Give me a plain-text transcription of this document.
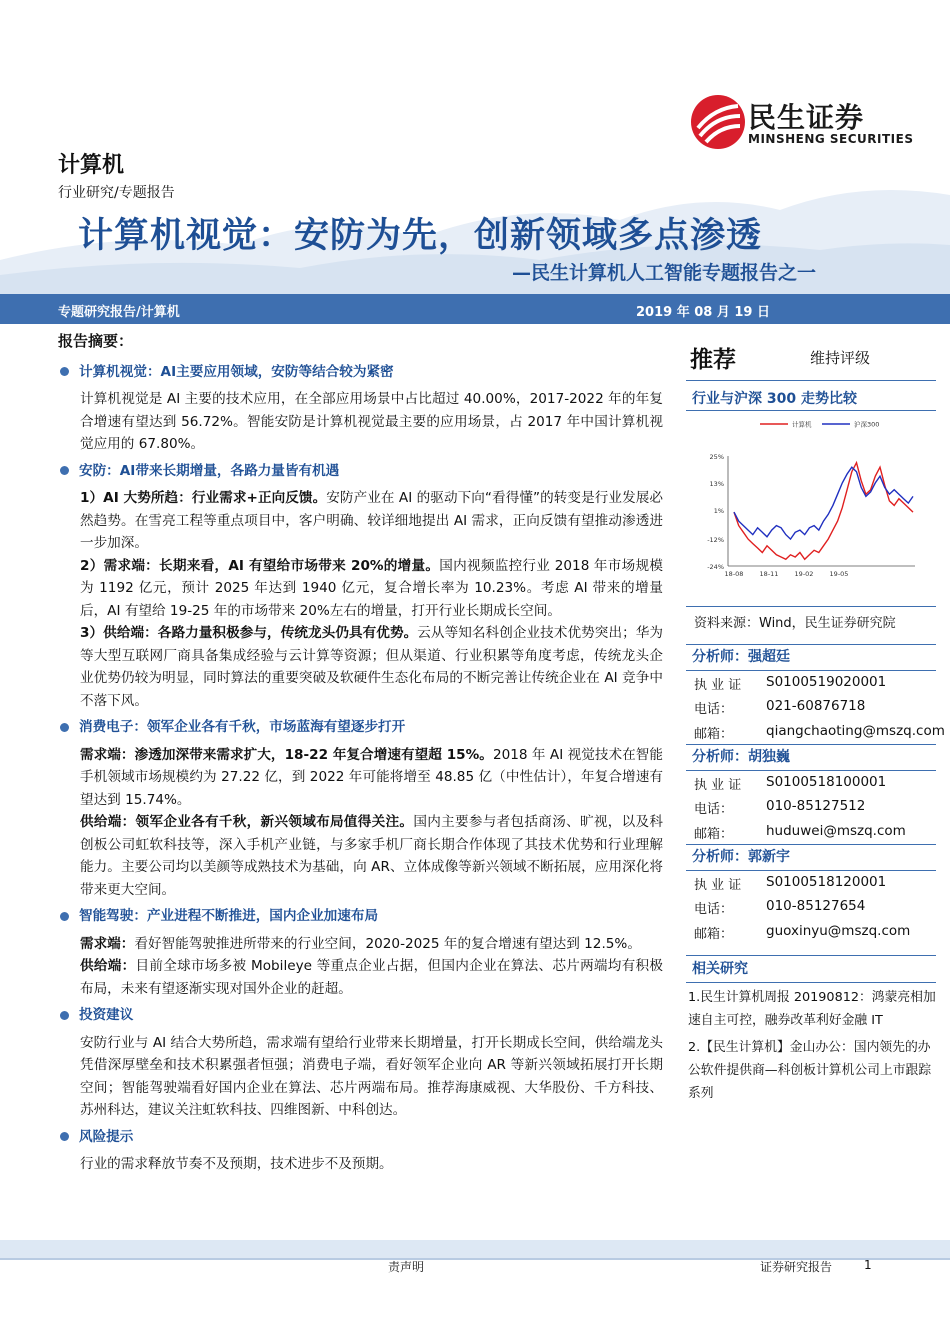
民生证券
MINSHENG SECURITIES
计算机
行业研究/专题报告
计算机视觉：安防为先，创新领域多点渗透
—民生计算机人工智能专题报告之一
专题研究报告/计算机	2019 年 08 月 19 日

报告摘要：

计算机视觉：AI主要应用领域，安防等结合较为紧密

计算机视觉是 AI 主要的技术应用，在全部应用场景中占比超过 40.00%，2017-2022 年的年复合增速有望达到 56.72%。智能安防是计算机视觉最主要的应用场景，占 2017 年中国计算机视觉应用的 67.80%。

安防：AI带来长期增量，各路力量皆有机遇

1）AI 大势所趋：行业需求+正向反馈。安防产业在 AI 的驱动下向“看得懂”的转变是行业发展必然趋势。在雪亮工程等重点项目中，客户明确、较详细地提出 AI 需求，正向反馈有望推动渗透进一步加深。

2）需求端：长期来看，AI 有望给市场带来 20%的增量。国内视频监控行业 2018 年市场规模为 1192 亿元，预计 2025 年达到 1940 亿元，复合增长率为 10.23%。考虑 AI 带来的增量后，AI 有望给 19-25 年的市场带来 20%左右的增量，打开行业长期成长空间。

3）供给端：各路力量积极参与，传统龙头仍具有优势。云从等知名科创企业技术优势突出；华为等大型互联网厂商具备集成经验与云计算等资源；但从渠道、行业积累等角度考虑，传统龙头企业优势仍较为明显，同时算法的重要突破及软硬件生态化布局的不断完善让传统企业在 AI 竞争中不落下风。

消费电子：领军企业各有千秋，市场蓝海有望逐步打开

需求端：渗透加深带来需求扩大，18-22 年复合增速有望超 15%。2018 年 AI 视觉技术在智能手机领域市场规模约为 27.22 亿，到 2022 年可能将增至 48.85 亿（中性估计），年复合增速有望达到 15.74%。

供给端：领军企业各有千秋，新兴领域布局值得关注。国内主要参与者包括商汤、旷视，以及科创板公司虹软科技等，深入手机产业链，与多家手机厂商长期合作体现了其技术优势和行业理解能力。主要公司均以美颜等成熟技术为基础，向 AR、立体成像等新兴领域不断拓展，应用深化将带来更大空间。

智能驾驶：产业进程不断推进，国内企业加速布局

需求端：看好智能驾驶推进所带来的行业空间，2020-2025 年的复合增速有望达到 12.5%。

供给端：目前全球市场多被 Mobileye 等重点企业占据，但国内企业在算法、芯片两端均有积极布局，未来有望逐渐实现对国外企业的赶超。

投资建议

安防行业与 AI 结合大势所趋，需求端有望给行业带来长期增量，打开长期成长空间，供给端龙头凭借深厚壁垒和技术积累强者恒强；消费电子端，看好领军企业向 AR 等新兴领域拓展打开长期空间；智能驾驶端看好国内企业在算法、芯片两端布局。推荐海康威视、大华股份、千方科技、苏州科达，建议关注虹软科技、四维图新、中科创达。

风险提示

行业的需求释放节奏不及预期，技术进步不及预期。

推荐	维持评级
行业与沪深 300 走势比较
25%
13%
1%
-12%
-24%
18-08 18-11 19-02 19-05
计算机	沪深300
资料来源：Wind，民生证券研究院
分析师：强超廷
执 业 证 S0100519020001
电话： 021-60876718
邮箱： qiangchaoting@mszq.com
分析师：胡独巍
执 业 证 S0100518100001
电话： 010-85127512
邮箱： huduwei@mszq.com
分析师：郭新宇
执 业 证 S0100518120001
电话： 010-85127654
邮箱： guoxinyu@mszq.com
相关研究
1.民生计算机周报 20190812：鸿蒙亮相加速自主可控，融券改革利好金融 IT
2.【民生计算机】金山办公：国内领先的办公软件提供商—科创板计算机公司上市跟踪系列
责声明	证券研究报告	1
